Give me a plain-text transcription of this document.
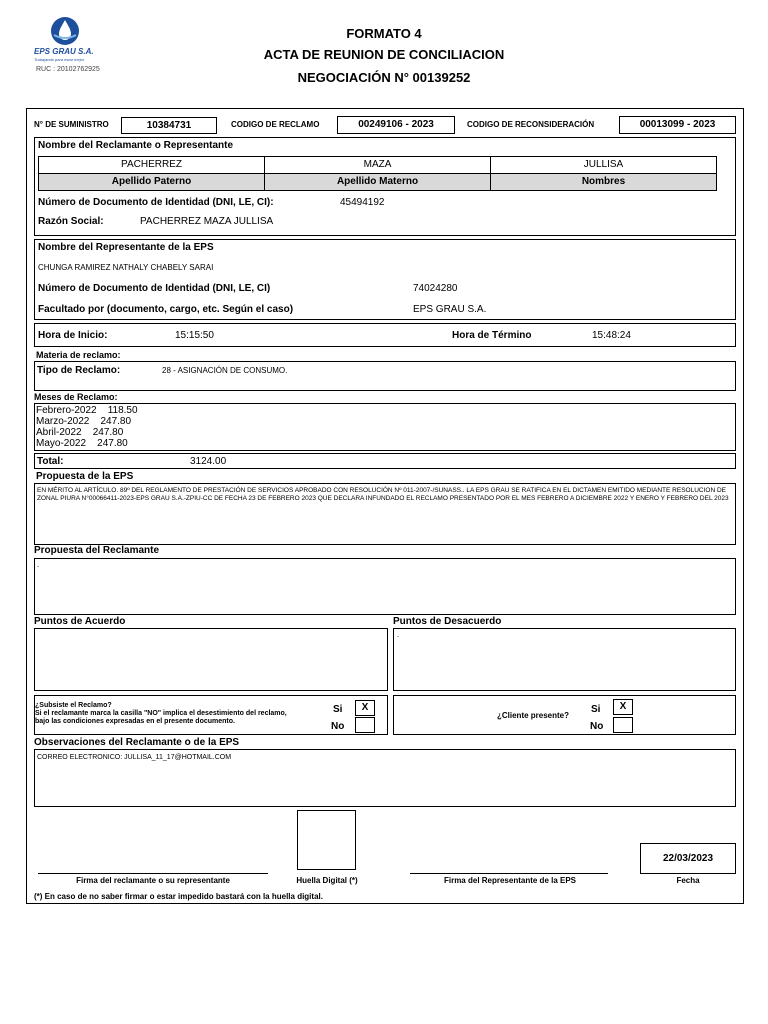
EPS GRAU S.A.
Trabajando para estar mejor
RUC : 20102762925
FORMATO 4
ACTA DE REUNION DE CONCILIACION
NEGOCIACIÓN N° 00139252
N° DE SUMINISTRO	10384731	CODIGO DE RECLAMO	00249106 - 2023	CODIGO DE RECONSIDERACIÓN	00013099 - 2023
Nombre del Reclamante o Representante
PACHERREZ	MAZA	JULLISA
Apellido Paterno	Apellido Materno	Nombres
Número de Documento de Identidad (DNI, LE, CI):	45494192
Razón Social:	PACHERREZ MAZA JULLISA
Nombre del Representante de la EPS
CHUNGA RAMIREZ NATHALY CHABELY SARAI
Número de Documento de Identidad (DNI, LE, CI)	74024280
Facultado por (documento, cargo, etc. Según el caso)	EPS GRAU S.A.
Hora de Inicio:	15:15:50	Hora de Término	15:48:24
Materia de reclamo:
Tipo de Reclamo:	28 - ASIGNACIÓN DE CONSUMO.
Meses de Reclamo:
Febrero-2022    118.50
Marzo-2022    247.80
Abril-2022    247.80
Mayo-2022    247.80
Total:	3124.00
Propuesta de la EPS
EN MÉRITO AL ARTÍCULO. 89º DEL REGLAMENTO DE PRESTACIÓN DE SERVICIOS APROBADO CON RESOLUCIÓN Nº 011-2007-/SUNASS.. LA EPS GRAU SE RATIFICA EN EL DICTAMEN EMITIDO MEDIANTE RESOLUCION DE ZONAL PIURA N°00066411-2023-EPS GRAU S.A.-ZPIU-CC DE FECHA 23 DE FEBRERO 2023 QUE DECLARA INFUNDADO EL RECLAMO PRESENTADO POR EL MES FEBRERO A DICIEMBRE 2022 Y ENERO Y FEBRERO DEL 2023
Propuesta del Reclamante
.
Puntos de Acuerdo	Puntos de Desacuerdo
.
¿Subsiste el Reclamo?
Si el reclamante marca la casilla "NO" implica el desestimiento del reclamo, bajo las condiciones expresadas en el presente documento.
Si	X
No
¿Cliente presente?
Si	X
No
Observaciones del Reclamante o de la EPS
CORREO ELECTRONICO: JULLISA_11_17@HOTMAIL.COM
Firma del reclamante o su representante	Huella Digital (*)	Firma del Representante de la EPS
22/03/2023
Fecha
(*) En caso de no saber firmar o estar impedido bastará con la huella digital.
